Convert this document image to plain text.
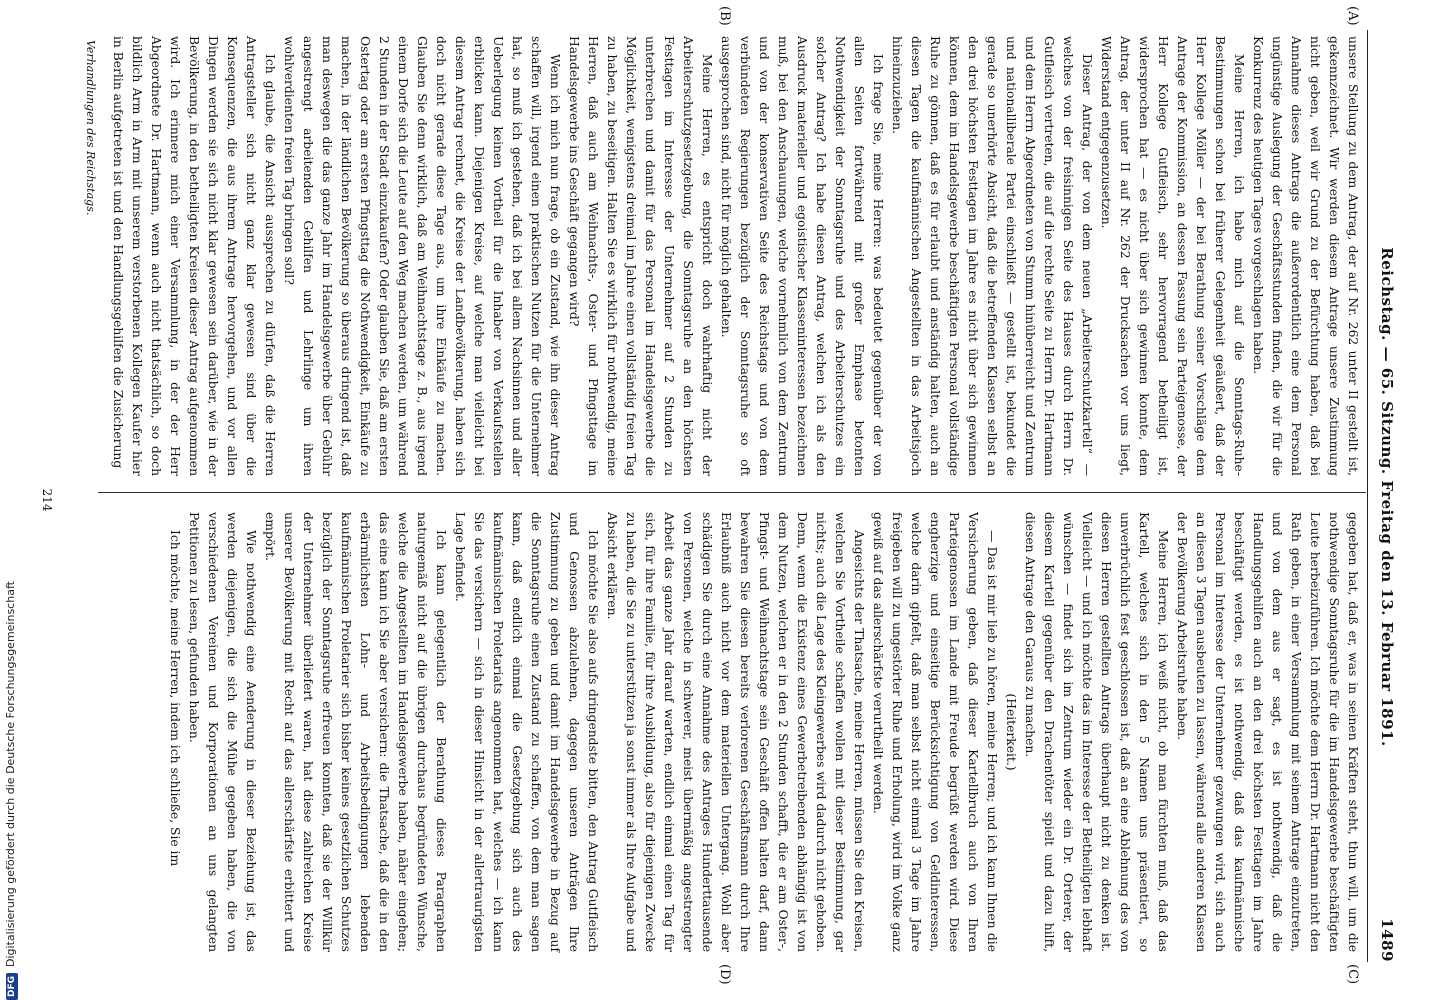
Reichstag. — 65. Sitzung. Freitag den 13. Februar 1891.
1489
(A)
(B)
(C)
(D)

unsere Stellung zu dem Antrag, der auf Nr. 262 unter II gestellt ist, gekennzeichnet. Wir werden diesem Antrage unsere Zustimmung nicht geben, weil wir Grund zu der Befürchtung haben, daß bei Annahme dieses Antrags die außerordentlich eine dem Personal ungünstige Auslegung der Geschäftsstunden finden, die wir für die Konkurrenz des heutigen Tages vorgeschlagen haben.

Meine Herren, ich habe mich auf die Sonntags-Ruhe-Bestimmungen schon bei früherer Gelegenheit geäußert, daß der Herr Kollege Möller — der bei Berathung seiner Vorschläge dem Antrage der Kommission, an dessen Fassung sein Parteigenosse, der Herr Kollege Gutfleisch, sehr hervorragend betheiligt ist, widersprochen hat — es nicht über sich gewinnen konnte, dem Antrag, der unter II auf Nr. 262 der Drucksachen vor uns liegt, Widerstand entgegenzusetzen.

Dieser Antrag, der von dem neuen „Arbeiterschutzkartell“ — welches von der freisinnigen Seite des Hauses durch Herrn Dr. Gutfleisch vertreten, die auf die rechte Seite zu Herrn Dr. Hartmann und dem Herrn Abgeordneten von Stumm hinüberreicht und Zentrum und nationalliberale Partei einschließt — gestellt ist, bekundet die gerade so unerhörte Absicht, daß die betreffenden Klassen selbst an den drei höchsten Festtagen im Jahre es nicht über sich gewinnen können, dem im Handelsgewerbe beschäftigten Personal vollständige Ruhe zu gönnen, daß es für erlaubt und anständig halten, auch an diesen Tagen die kaufmännischen Angestellten in das Arbeitsjoch hineinzuziehen.

Ich frage Sie, meine Herren: was bedeutet gegenüber der von allen Seiten fortwährend mit großer Emphase betonten Nothwendigkeit der Sonntagsruhe und des Arbeiterschutzes ein solcher Antrag? Ich habe diesen Antrag, welchen ich als den Ausdruck materieller und egoistischer Klasseninteressen bezeichnen muß, bei den Anschauungen, welche vornehmlich von dem Zentrum und von der konservativen Seite des Reichstags und von dem verbündeten Regierungen bezüglich der Sonntagsruhe so oft ausgesprochen sind, nicht für möglich gehalten.

Meine Herren, es entspricht doch wahrhaftig nicht der Arbeiterschutzgesetzgebung, die Sonntagsruhe an den höchsten Festtagen im Interesse der Unternehmer auf 2 Stunden zu unterbrechen und damit für das Personal im Handelsgewerbe die Möglichkeit, wenigstens dreimal im Jahre einen vollständig freien Tag zu haben, zu beseitigen. Halten Sie es wirklich für nothwendig, meine Herren, daß auch am Weihnachts-, Oster- und Pfingsttage im Handelsgewerbe ins Geschäft gegangen wird?

Wenn ich mich nun frage, ob ein Zustand, wie ihn dieser Antrag schaffen will, irgend einen praktischen Nutzen für die Unternehmer hat, so muß ich gestehen, daß ich bei allem Nachsinnen und aller Ueberlegung keinen Vortheil für die Inhaber von Verkaufsstellen erblicken kann. Diejenigen Kreise, auf welche man vielleicht bei diesem Antrag rechnet, die Kreise der Landbevölkerung, haben sich doch nicht gerade diese Tage aus, um ihre Einkäufe zu machen. Glauben Sie denn wirklich, daß am Weihnachtstage z. B., aus irgend einem Dorfe sich die Leute auf den Weg machen werden, um während 2 Stunden in der Stadt einzukaufen? Oder glauben Sie, daß am ersten Ostertag oder am ersten Pfingsttag die Nothwendigkeit, Einkäufe zu machen, in der ländlichen Bevölkerung so überaus dringend ist, daß man deswegen die das ganze Jahr im Handelsgewerbe über Gebühr angestrengt arbeitenden Gehilfen und Lehrlinge um ihren wohlverdienten freien Tag bringen soll?

Ich glaube, die Ansicht aussprechen zu dürfen, daß die Herren Antragsteller sich nicht ganz klar gewesen sind über die Konsequenzen, die aus ihrem Antrage hervorgehen, und vor allen Dingen werden sie sich nicht klar gewesen sein darüber, wie in der Bevölkerung, in den betheiligten Kreisen dieser Antrag aufgenommen wird. Ich erinnere mich einer Versammlung, in der der Herr Abgeordnete Dr. Hartmann, wenn auch nicht thatsächlich, so doch bildlich Arm in Arm mit unserem verstorbenen Kollegen Kaufer hier in Berlin aufgetreten ist und den Handlungsgehilfen die Zusicherung

gegeben hat, daß er, was in seinen Kräften steht, thun will, um die nothwendige Sonntagsruhe für die im Handelsgewerbe beschäftigten Leute herbeizuführen. Ich möchte dem Herrn Dr. Hartmann nicht den Rath geben, in einer Versammlung mit seinem Antrage einzutreten, und von dem aus er sagt, es ist nothwendig, daß die Handlungsgehilfen auch an den drei höchsten Festtagen im Jahre beschäftigt werden, es ist nothwendig, daß das kaufmännische Personal im Interesse der Unternehmer gezwungen wird, sich auch an diesen 3 Tagen ausbeuten zu lassen, während alle anderen Klassen der Bevölkerung Arbeitsruhe haben.

Meine Herren, ich weiß nicht, ob man fürchten muß, daß das Kartell, welches sich in den 5 Namen uns präsentiert, so unverbrüchlich fest geschlossen ist, daß an eine Ablehnung des von diesen Herren gestellten Antrags überhaupt nicht zu denken ist. Vielleicht — und ich möchte das im Interesse der Betheiligten lebhaft wünschen — findet sich im Zentrum wieder ein Dr. Orterer, der diesem Kartell gegenüber den Drachentöter spielt und dazu hilft, diesen Antrage den Garaus zu machen.

(Heiterkeit.)

— Das ist mir lieb zu hören, meine Herren; und ich kann Ihnen die Versicherung geben, daß dieser Kartellbruch auch von Ihren Parteigenossen im Lande mit Freude begrüßt werden wird. Diese engherzige und einseitige Berücksichtigung von Geldinteressen, welche darin gipfelt, daß man selbst nicht einmal 3 Tage im Jahre freigeben will zu ungestörter Ruhe und Erholung, wird im Volke ganz gewiß auf das allerschärfste verurtheilt werden.

Angesichts der Thatsache, meine Herren, müssen Sie den Kreisen, welchen Sie Vortheile schaffen wollen mit dieser Bestimmung, gar nichts; auch die Lage des Kleingewerbes wird dadurch nicht gehoben. Denn, wenn die Existenz eines Gewerbetreibenden abhängig ist von dem Nutzen, welchen er in den 2 Stunden schafft, die er am Oster-, Pfingst- und Weihnachtstage sein Geschäft offen halten darf, dann bewahren Sie diesen bereits verlorenen Geschäftsmann durch Ihre Erlaubniß auch nicht vor dem materiellen Untergang. Wohl aber schädigen Sie durch eine Annahme des Antrages Hunderttausende von Personen, welche in schwerer, meist übermäßig angestrengter Arbeit das ganze Jahr darauf warten, endlich einmal einen Tag für sich, für ihre Familie, für ihre Ausbildung, also für diejenigen Zwecke zu haben, die Sie zu unterstützen ja sonst immer als Ihre Aufgabe und Absicht erklären.

Ich möchte Sie also aufs dringendste bitten, den Antrag Gutfleisch und Genossen abzulehnen, dagegen unseren Anträgen Ihre Zustimmung zu geben und damit im Handelsgewerbe in Bezug auf die Sonntagsruhe einen Zustand zu schaffen, von dem man sagen kann, daß endlich einmal die Gesetzgebung sich auch des kaufmännischen Proletariats angenommen hat, welches — ich kann Sie das versichern — sich in dieser Hinsicht in der allertraurigsten Lage befindet.

Ich kann gelegentlich der Berathung dieses Paragraphen naturgemäß nicht auf die übrigen durchaus begründeten Wünsche, welche die Angestellten im Handelsgewerbe haben, näher eingehen; das eine kann ich Sie aber versichern: die Thatsache, daß die in den erbärmlichsten Lohn- und Arbeitsbedingungen lebenden kaufmännischen Proletarier sich bisher keines gesetzlichen Schutzes bezüglich der Sonntagsruhe erfreuen konnten, daß sie der Willkür der Unternehmer überliefert waren, hat diese zahlreichen Kreise unserer Bevölkerung mit Recht auf das allerschärfste erbittert und empört.

Wie nothwendig eine Aenderung in dieser Beziehung ist, das werden diejenigen, die sich die Mühe gegeben haben, die von verschiedenen Vereinen und Korporationen an uns gelangten Petitionen zu lesen, gefunden haben.

Ich möchte, meine Herren, indem ich schließe, Sie im

Verhandlungen des Reichstags.
214
DFGDigitalisierung gefördert durch die Deutsche Forschungsgemeinschaft
